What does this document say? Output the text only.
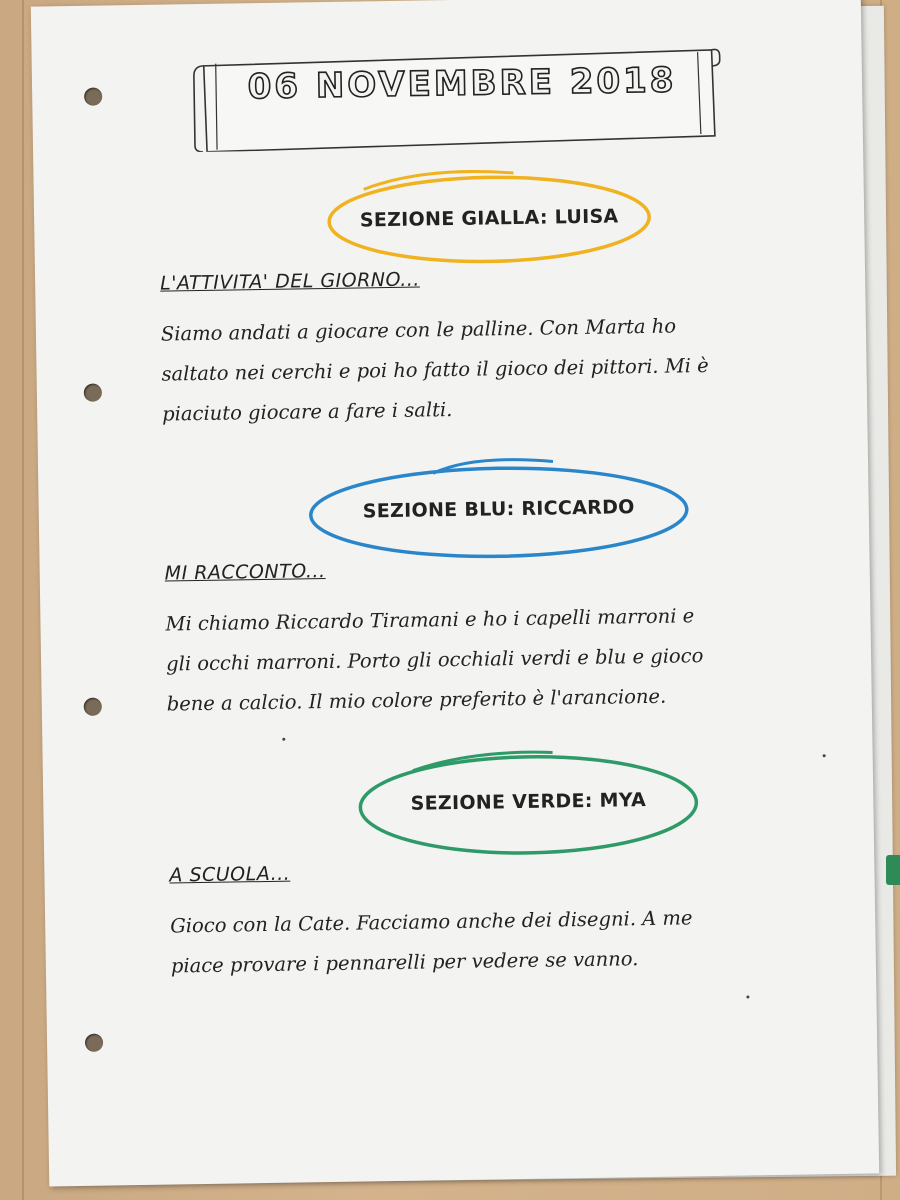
06 NOVEMBRE 2018
SEZIONE GIALLA: LUISA
L'ATTIVITA' DEL GIORNO...
Siamo andati a giocare con le palline. Con Marta ho
saltato nei cerchi e poi ho fatto il gioco dei pittori. Mi è
piaciuto giocare a fare i salti.
SEZIONE BLU: RICCARDO
MI RACCONTO...
Mi chiamo Riccardo Tiramani e ho i capelli marroni e
gli occhi marroni. Porto gli occhiali verdi e blu e gioco
bene a calcio. Il mio colore preferito è l'arancione.
SEZIONE VERDE: MYA
A SCUOLA...
Gioco con la Cate. Facciamo anche dei disegni. A me
piace provare i pennarelli per vedere se vanno.
